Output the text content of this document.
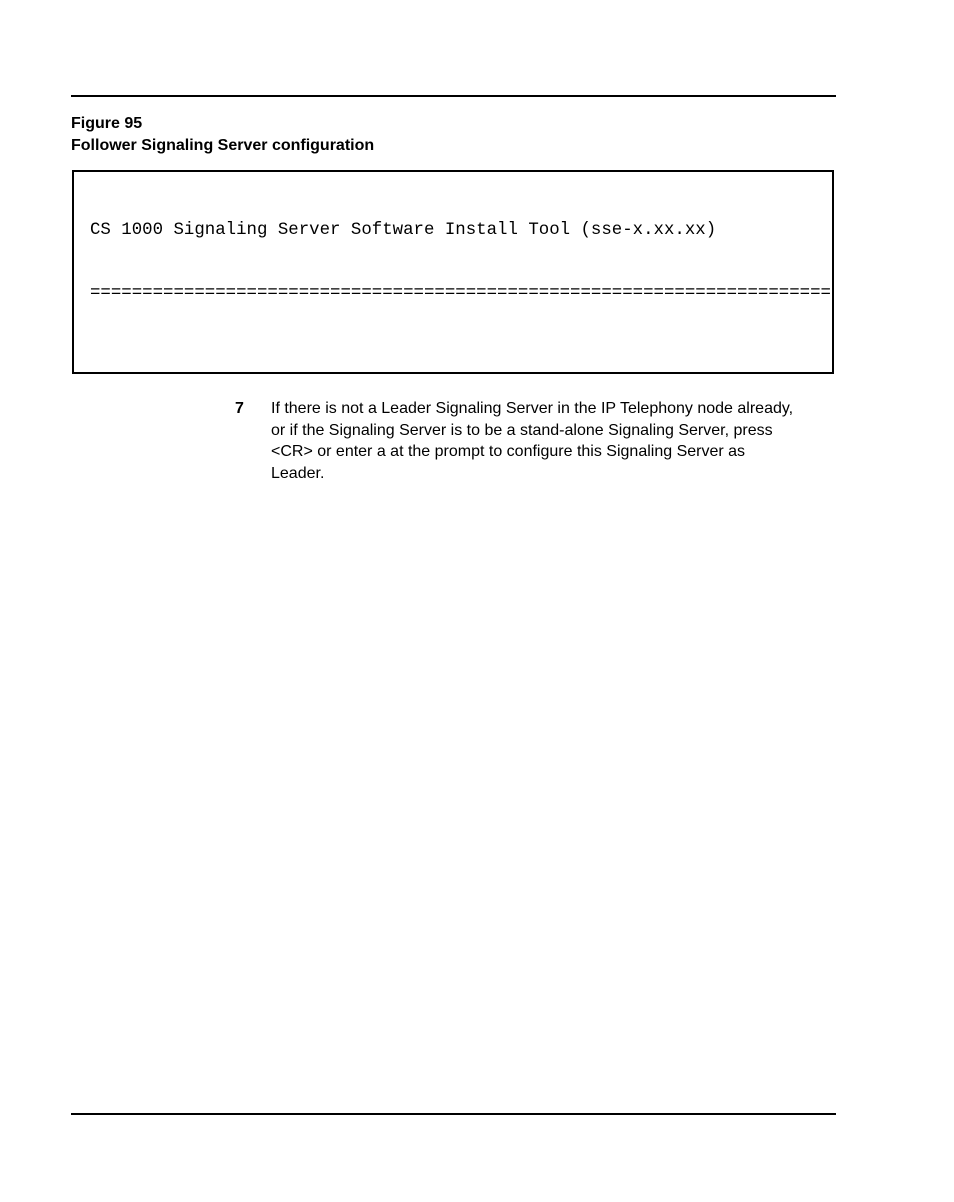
Figure 95
Follower Signaling Server configuration

CS 1000 Signaling Server Software Install Tool (sse-x.xx.xx)

=======================================================================

7 If there is not a Leader Signaling Server in the IP Telephony node already,
or if the Signaling Server is to be a stand-alone Signaling Server, press
<CR> or enter a at the prompt to configure this Signaling Server as
Leader.
